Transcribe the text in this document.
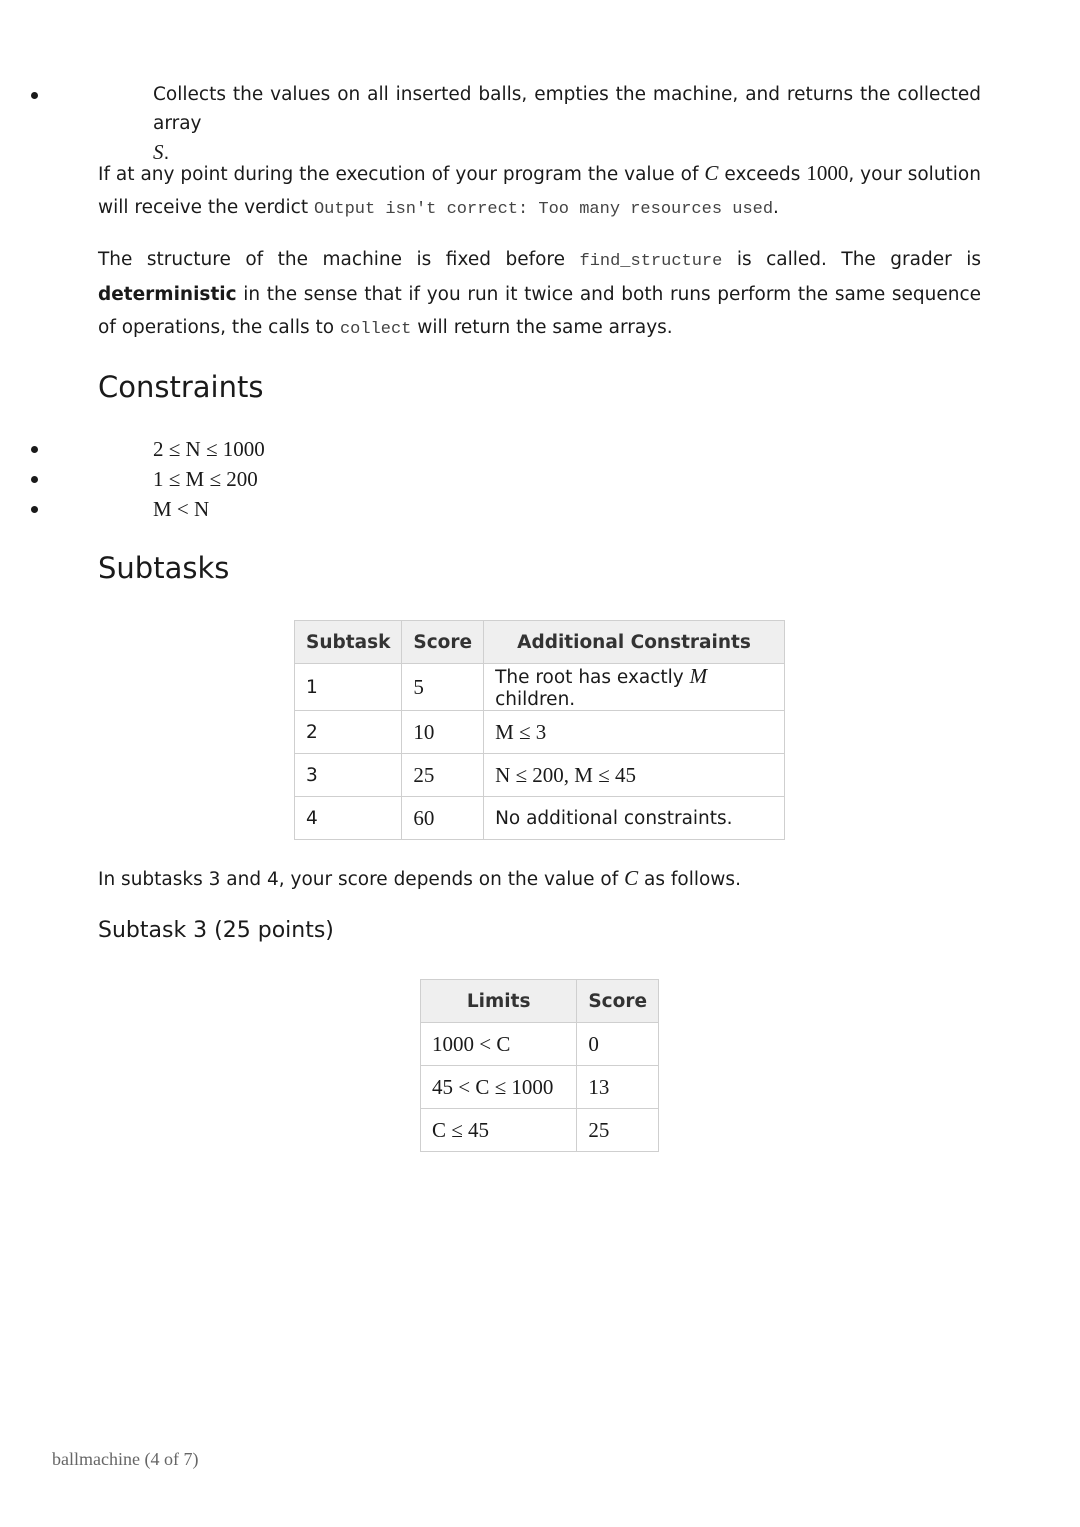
Collects the values on all inserted balls, empties the machine, and returns the collected array
S.

If at any point during the execution of your program the value of C exceeds 1000, your solution will receive the verdict Output isn't correct: Too many resources used.

The structure of the machine is fixed before find_structure is called. The grader is deterministic in the sense that if you run it twice and both runs perform the same sequence of operations, the calls to collect will return the same arrays.

Constraints
2 ≤ N ≤ 1000
1 ≤ M ≤ 200
M < N
Subtasks
Subtask	Score	Additional Constraints
1	5	The root has exactly M children.
2	10	M ≤ 3
3	25	N ≤ 200, M ≤ 45
4	60	No additional constraints.

In subtasks 3 and 4, your score depends on the value of C as follows.

Subtask 3 (25 points)
Limits	Score
1000 < C	0
45 < C ≤ 1000	13
C ≤ 45	25
ballmachine (4 of 7)
